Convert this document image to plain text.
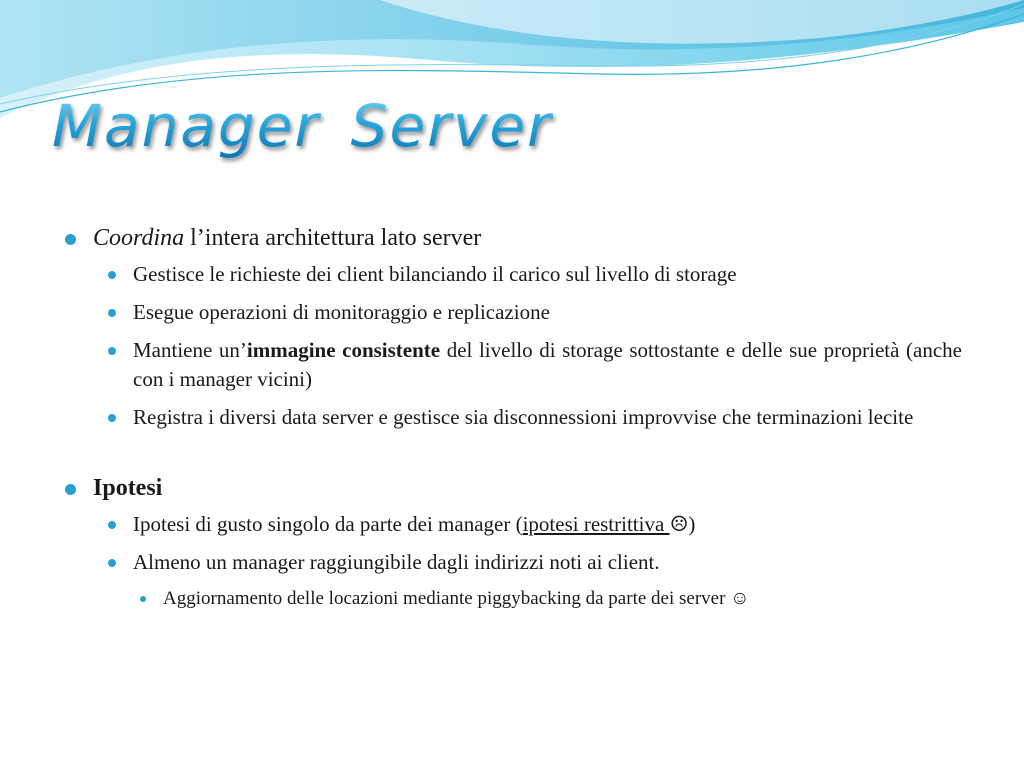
Manager Server

Coordina l’intera architettura lato server

Gestisce le richieste dei client bilanciando il carico sul livello di storage

Esegue operazioni di monitoraggio e replicazione

Mantiene un’immagine consistente del livello di storage sottostante e delle sue proprietà (anche con i manager vicini)

Registra i diversi data server e gestisce sia disconnessioni improvvise che terminazioni lecite

Ipotesi

Ipotesi di gusto singolo da parte dei manager (ipotesi restrittiva ☹)

Almeno un manager raggiungibile dagli indirizzi noti ai client.

Aggiornamento delle locazioni mediante piggybacking da parte dei server ☺
